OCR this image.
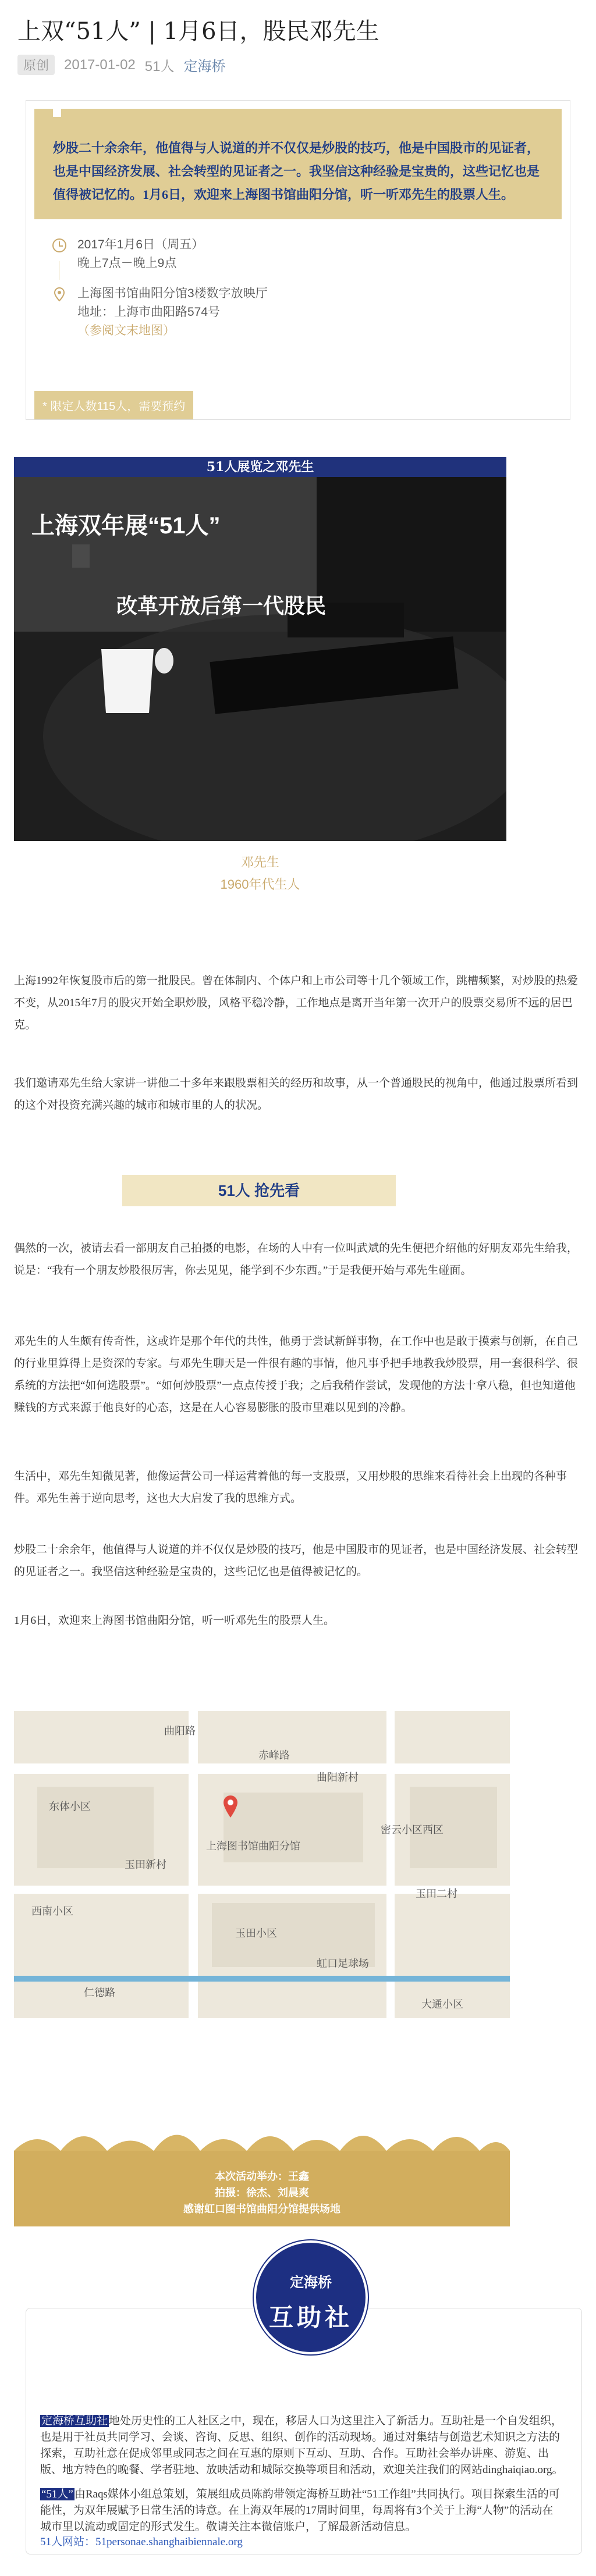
上双“51人” | 1月6日，股民邓先生
原创	2017-01-02 51人 定海桥

炒股二十余余年，他值得与人说道的并不仅仅是炒股的技巧，他是中国股市的见证者，也是中国经济发展、社会转型的见证者之一。我坚信这种经验是宝贵的，这些记忆也是值得被记忆的。1月6日，欢迎来上海图书馆曲阳分馆，听一听邓先生的股票人生。

2017年1月6日（周五）
晚上7点－晚上9点
上海图书馆曲阳分馆3楼数字放映厅
地址：上海市曲阳路574号
（参阅文末地图）
* 限定人数115人，需要预约
51人展览之邓先生
上海双年展“51人”
改革开放后第一代股民
邓先生
1960年代生人

上海1992年恢复股市后的第一批股民。曾在体制内、个体户和上市公司等十几个领域工作，跳槽频繁，对炒股的热爱不变，从2015年7月的股灾开始全职炒股，风格平稳冷静，工作地点是离开当年第一次开户的股票交易所不远的居巴克。

我们邀请邓先生给大家讲一讲他二十多年来跟股票相关的经历和故事，从一个普通股民的视角中，他通过股票所看到的这个对投资充满兴趣的城市和城市里的人的状况。

51人 抢先看

偶然的一次，被请去看一部朋友自己拍摄的电影，在场的人中有一位叫武斌的先生便把介绍他的好朋友邓先生给我，说是：“我有一个朋友炒股很厉害，你去见见，能学到不少东西。”于是我便开始与邓先生碰面。

邓先生的人生颇有传奇性，这或许是那个年代的共性，他勇于尝试新鲜事物，在工作中也是敢于摸索与创新，在自己的行业里算得上是资深的专家。与邓先生聊天是一件很有趣的事情，他凡事乎把手地教我炒股票，用一套很科学、很系统的方法把“如何选股票”。“如何炒股票”一点点传授于我；之后我稍作尝试，发现他的方法十拿八稳，但也知道他赚钱的方式来源于他良好的心态，这是在人心容易膨胀的股市里难以见到的冷静。

生活中，邓先生知微见著，他像运营公司一样运营着他的每一支股票，又用炒股的思维来看待社会上出现的各种事件。邓先生善于逆向思考，这也大大启发了我的思维方式。

炒股二十余余年，他值得与人说道的并不仅仅是炒股的技巧，他是中国股市的见证者，也是中国经济发展、社会转型的见证者之一。我坚信这种经验是宝贵的，这些记忆也是值得被记忆的。

1月6日，欢迎来上海图书馆曲阳分馆，听一听邓先生的股票人生。

赤峰路
东体小区
密云小区西区
西南小区
玉田小区
玉田新村
玉田二村
曲阳新村
仁德路
大通小区
曲阳路
上海图书馆曲阳分馆
虹口足球场
本次活动举办：王鑫
拍摄：徐杰、刘晨爽
感谢虹口图书馆曲阳分馆提供场地
定海桥互助社 地处历史性的工人社区之中，现在，移居人口为这里注入了新活力。互助社是一个自发组织，也是用于社员共同学习、会谈、咨询、反思、组织、创作的活动现场。通过对集结与创造艺术知识之方法的探索，互助社意在促成邻里或同志之间在互惠的原则下互动、互助、合作。互助社会举办讲座、游览、出版、地方特色的晚餐、学者驻地、放映活动和城际交换等项目和活动，欢迎关注我们的网站dinghaiqiao.org。
“51人” 由Raqs媒体小组总策划，策展组成员陈韵带领定海桥互助社“51工作组”共同执行。项目探索生活的可能性，为双年展赋予日常生活的诗意。在上海双年展的17周时间里，每周将有3个关于上海“人物”的活动在城市里以流动或固定的形式发生。敬请关注本微信账户，了解最新活动信息。
51人网站：51personae.shanghaibiennale.org
定海桥
互助社
